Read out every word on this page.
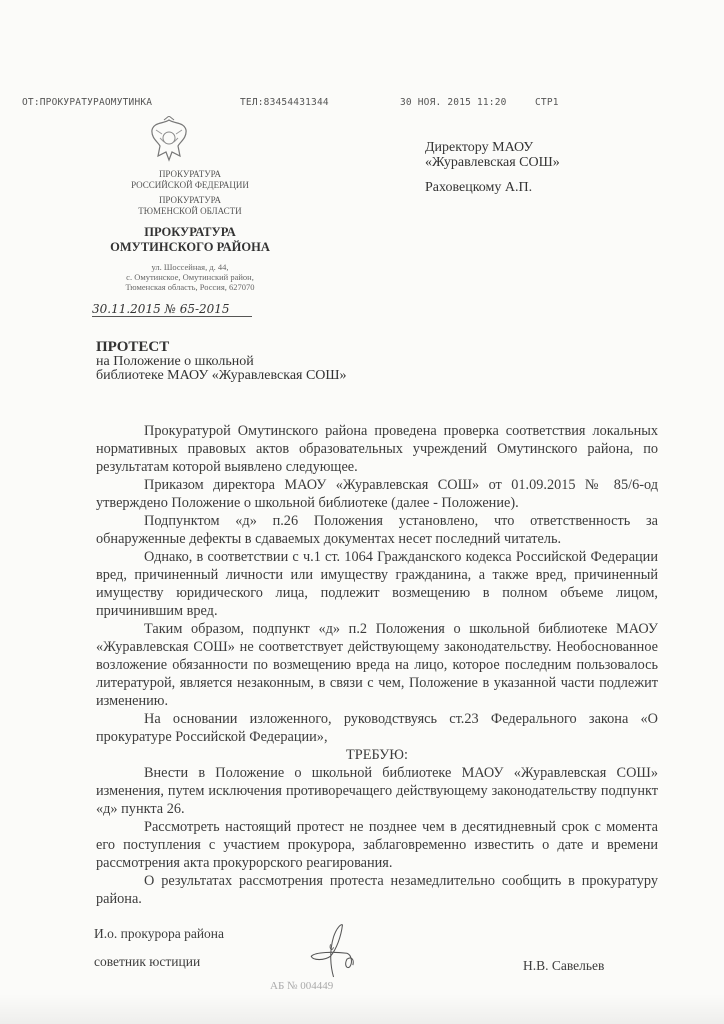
ОТ:ПРОКУРАТУРАОМУТИНКА	ТЕЛ:83454431344	30 НОЯ. 2015 11:20	СТР1
ПРОКУРАТУРА
РОССИЙСКОЙ ФЕДЕРАЦИИ
ПРОКУРАТУРА
ТЮМЕНСКОЙ ОБЛАСТИ
ПРОКУРАТУРА
ОМУТИНСКОГО РАЙОНА
ул. Шоссейная, д. 44,
с. Омутинское, Омутинский район,
Тюменская область, Россия, 627070
30.11.2015 № 65-2015
Директору МАОУ
«Журавлевская СОШ»
Раховецкому А.П.
ПРОТЕСТ
на Положение о школьной
библиотеке МАОУ «Журавлевская СОШ»

Прокуратурой Омутинского района проведена проверка соответствия локальных нормативных правовых актов образовательных учреждений Омутинского района, по результатам которой выявлено следующее.

Приказом директора МАОУ «Журавлевская СОШ» от 01.09.2015 № 85/6-од утверждено Положение о школьной библиотеке (далее - Положение).

Подпунктом «д» п.26 Положения установлено, что ответственность за обнаруженные дефекты в сдаваемых документах несет последний читатель.

Однако, в соответствии с ч.1 ст. 1064 Гражданского кодекса Российской Федерации вред, причиненный личности или имуществу гражданина, а также вред, причиненный имуществу юридического лица, подлежит возмещению в полном объеме лицом, причинившим вред.

Таким образом, подпункт «д» п.2 Положения о школьной библиотеке МАОУ «Журавлевская СОШ» не соответствует действующему законодательству. Необоснованное возложение обязанности по возмещению вреда на лицо, которое последним пользовалось литературой, является незаконным, в связи с чем, Положение в указанной части подлежит изменению.

На основании изложенного, руководствуясь ст.23 Федерального закона «О прокуратуре Российской Федерации»,

ТРЕБУЮ:

Внести в Положение о школьной библиотеке МАОУ «Журавлевская СОШ» изменения, путем исключения противоречащего действующему законодательству подпункт «д» пункта 26.

Рассмотреть настоящий протест не позднее чем в десятидневный срок с момента его поступления с участием прокурора, заблаговременно известить о дате и времени рассмотрения акта прокурорского реагирования.

О результатах рассмотрения протеста незамедлительно сообщить в прокуратуру района.

И.о. прокурора района
советник юстиции	Н.В. Савельев
АБ № 004449
